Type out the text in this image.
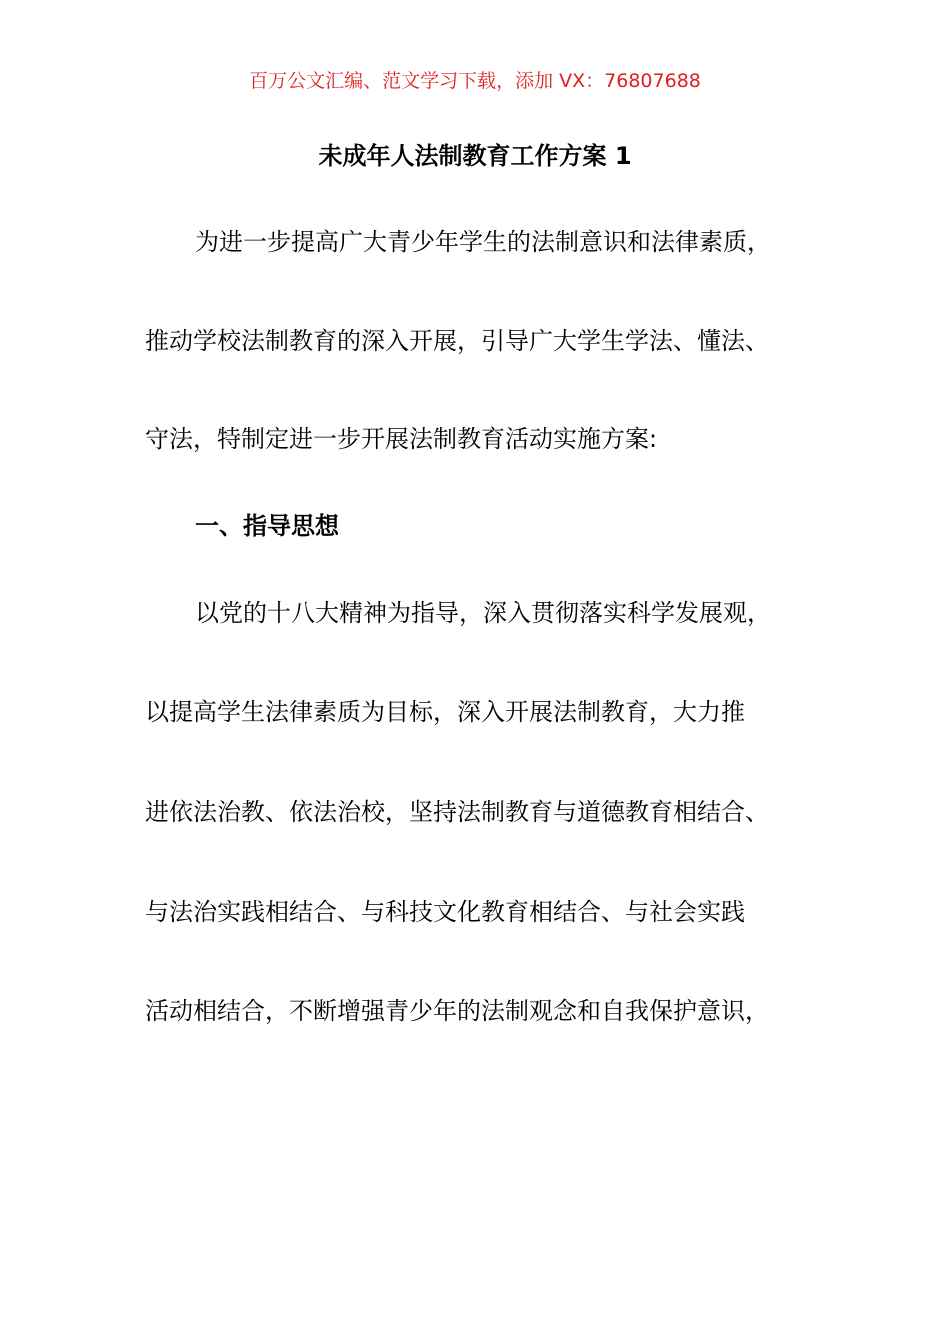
百万公文汇编、范文学习下载，添加 VX：76807688
未成年人法制教育工作方案 1
为进一步提高广大青少年学生的法制意识和法律素质，
推动学校法制教育的深入开展，引导广大学生学法、懂法、
守法，特制定进一步开展法制教育活动实施方案:
一、指导思想
以党的十八大精神为指导，深入贯彻落实科学发展观，
以提高学生法律素质为目标，深入开展法制教育，大力推
进依法治教、依法治校，坚持法制教育与道德教育相结合、
与法治实践相结合、与科技文化教育相结合、与社会实践
活动相结合，不断增强青少年的法制观念和自我保护意识，
